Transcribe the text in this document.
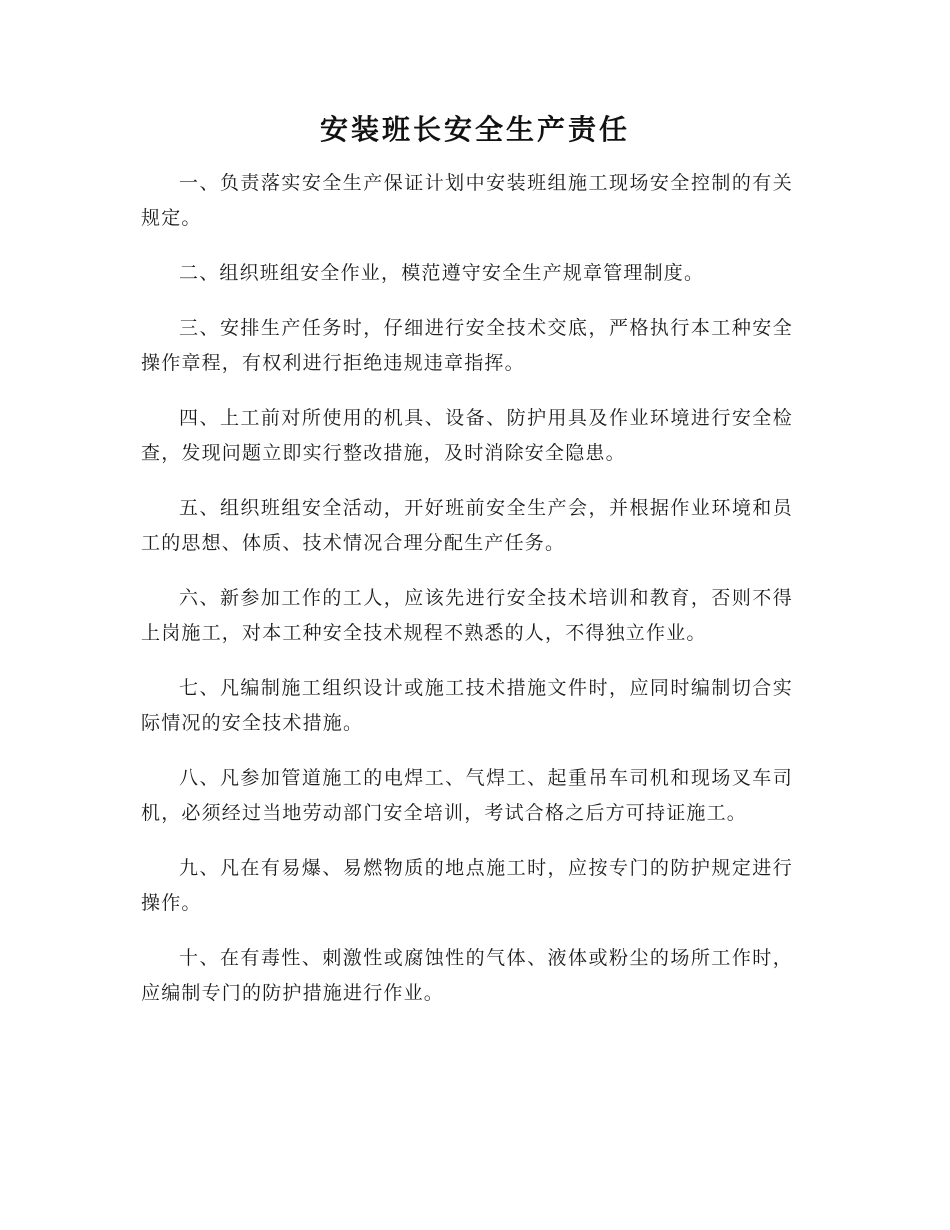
安装班长安全生产责任

一、负责落实安全生产保证计划中安装班组施工现场安全控制的有关规定。

二、组织班组安全作业，模范遵守安全生产规章管理制度。

三、安排生产任务时，仔细进行安全技术交底，严格执行本工种安全操作章程，有权利进行拒绝违规违章指挥。

四、上工前对所使用的机具、设备、防护用具及作业环境进行安全检查，发现问题立即实行整改措施，及时消除安全隐患。

五、组织班组安全活动，开好班前安全生产会，并根据作业环境和员工的思想、体质、技术情况合理分配生产任务。

六、新参加工作的工人，应该先进行安全技术培训和教育，否则不得上岗施工，对本工种安全技术规程不熟悉的人，不得独立作业。

七、凡编制施工组织设计或施工技术措施文件时，应同时编制切合实际情况的安全技术措施。

八、凡参加管道施工的电焊工、气焊工、起重吊车司机和现场叉车司机，必须经过当地劳动部门安全培训，考试合格之后方可持证施工。

九、凡在有易爆、易燃物质的地点施工时，应按专门的防护规定进行操作。

十、在有毒性、刺激性或腐蚀性的气体、液体或粉尘的场所工作时，应编制专门的防护措施进行作业。
